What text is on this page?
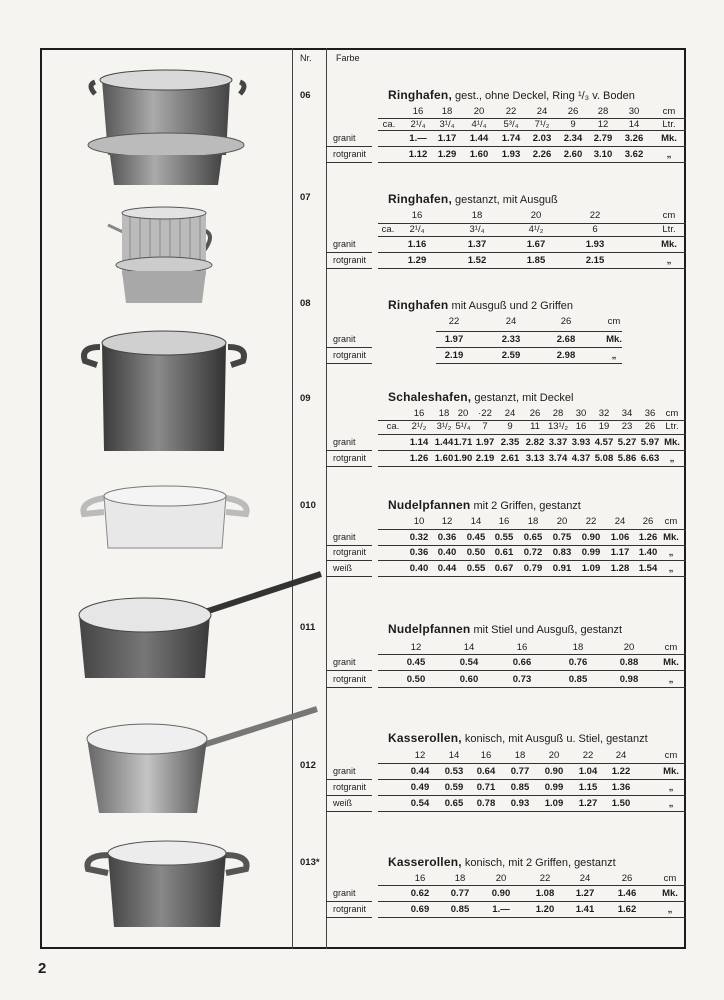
Nr.	Farbe
2
06	Ringhafen, gest., ohne Deckel, Ring ¹/₃ v. Boden
16	18	20	22	24	26	28	30	cm
ca.	2¹/₄	3¹/₄	4¹/₄	5³/₄	7¹/₂	9	12	14	Ltr.
1.—	1.17	1.44	1.74	2.03	2.34	2.79	3.26	Mk.
granit
1.12	1.29	1.60	1.93	2.26	2.60	3.10	3.62	„
rotgranit
07	Ringhafen, gestanzt, mit Ausguß
16	18	20	22	cm
ca.	2¹/₄	3¹/₄	4¹/₂	6	Ltr.
1.16	1.37	1.67	1.93	Mk.
granit
1.29	1.52	1.85	2.15	„
rotgranit
08	Ringhafen mit Ausguß und 2 Griffen
22	24	26	cm
1.97	2.33	2.68	Mk.
granit
2.19	2.59	2.98	„
rotgranit
09	Schaleshafen, gestanzt, mit Deckel
16	18 20	·22	24	26	28	30	32	34	36	cm
ca.	2¹/₂	3¹/₂ 5¹/₄	7	9	11 13¹/₂ 16	19	23	26	Ltr.
1.14 1.44 1.71 1.97 2.35 2.82 3.37 3.93 4.57 5.27 5.97 Mk.
granit
1.26 1.60 1.90 2.19 2.61 3.13 3.74 4.37 5.08 5.86 6.63	„
rotgranit
010	Nudelpfannen mit 2 Griffen, gestanzt
10	12	14	16	18	20	22	24	26	cm
0.32	0.36	0.45	0.55	0.65	0.75	0.90	1.06	1.26 Mk.
granit
0.36	0.40	0.50	0.61	0.72	0.83	0.99	1.17	1.40	„
rotgranit
0.40	0.44	0.55	0.67	0.79	0.91	1.09	1.28	1.54	„
weiß
011	Nudelpfannen mit Stiel und Ausguß, gestanzt
12	14	16	18	20	cm
0.45	0.54	0.66	0.76	0.88	Mk.
granit
0.50	0.60	0.73	0.85	0.98	„
rotgranit
012
Kasserollen, konisch, mit Ausguß u. Stiel, gestanzt
12	14	16	18	20	22	24	cm
0.44	0.53	0.64	0.77	0.90	1.04	1.22	Mk.
granit
0.49	0.59	0.71	0.85	0.99	1.15	1.36	„
rotgranit
0.54	0.65	0.78	0.93	1.09	1.27	1.50	„
weiß
013*	Kasserollen, konisch, mit 2 Griffen, gestanzt
16	18	20	22	24	26	cm
0.62	0.77	0.90	1.08	1.27	1.46	Mk.
granit
0.69	0.85	1.—	1.20	1.41	1.62	„
rotgranit
